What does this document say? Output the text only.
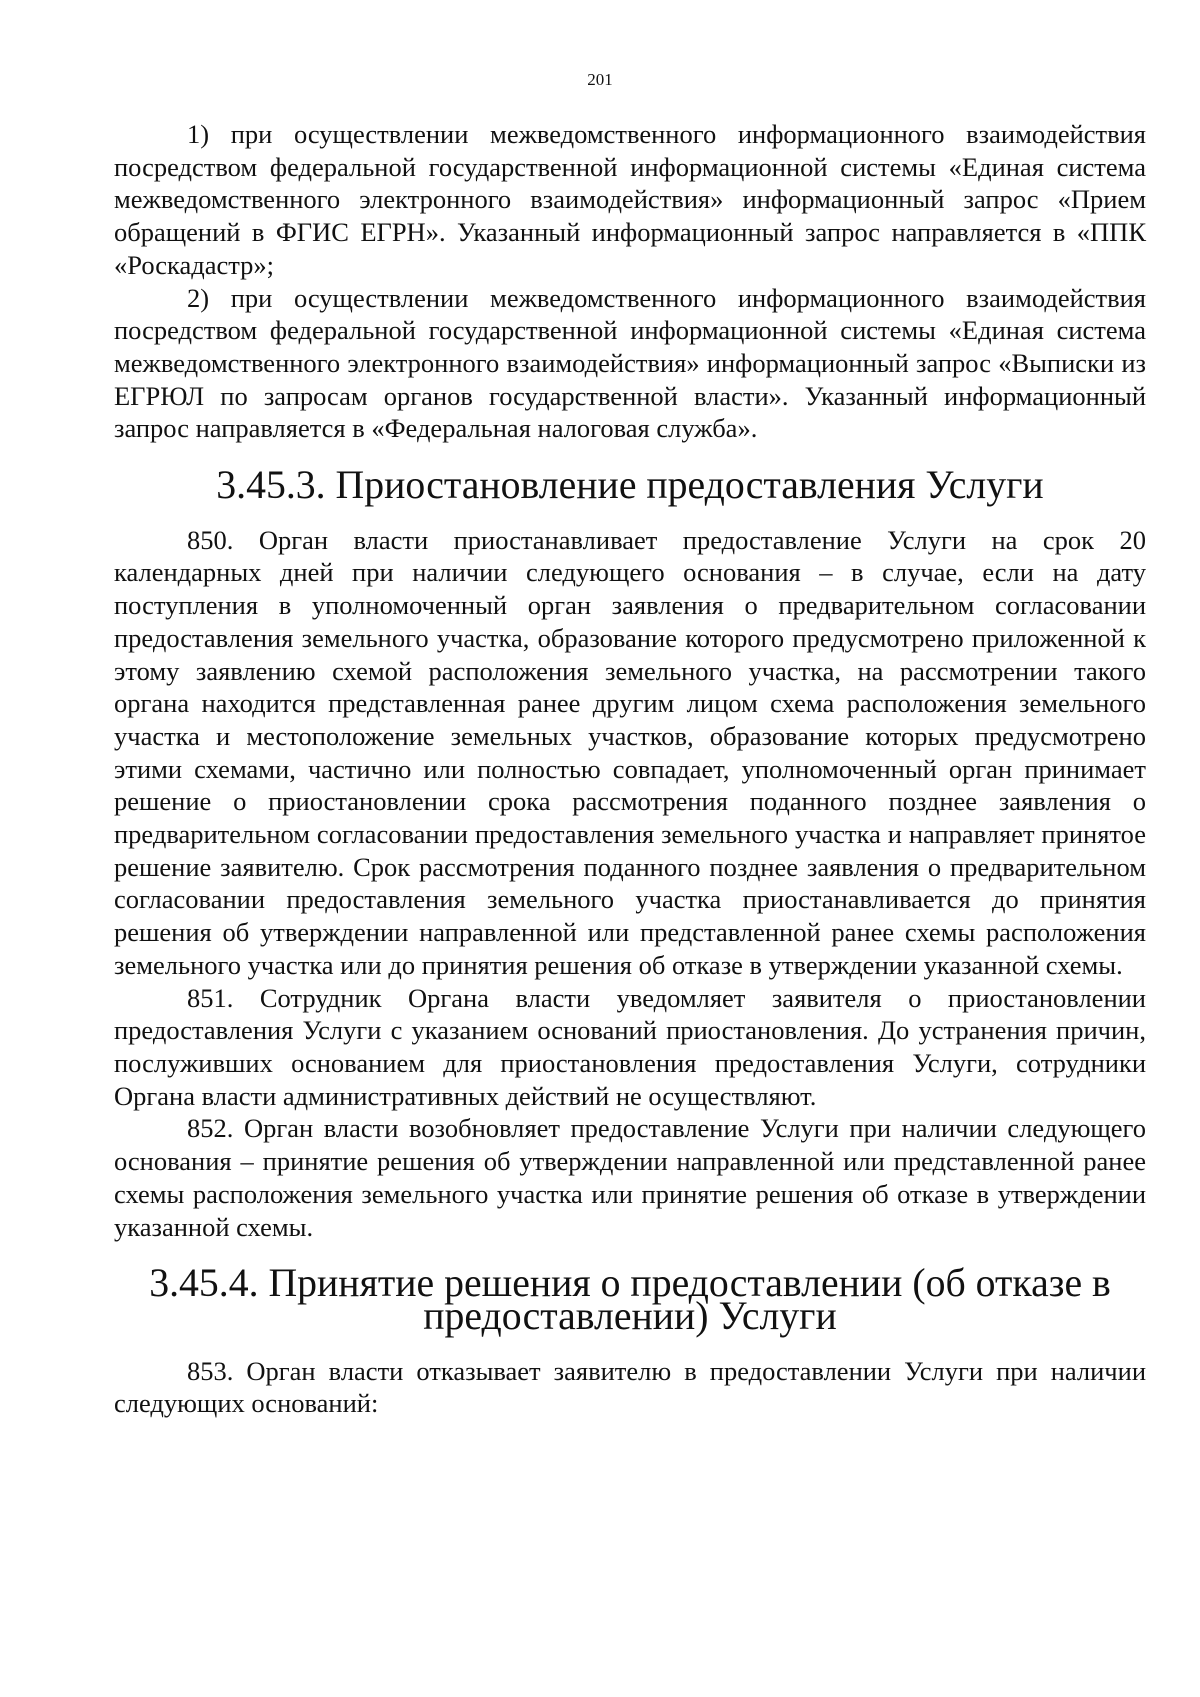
201

1) при осуществлении межведомственного информационного взаимодействия посредством федеральной государственной информационной системы «Единая система межведомственного электронного взаимодействия» информационный запрос «Прием обращений в ФГИС ЕГРН». Указанный информационный запрос направляется в «ППК «Роскадастр»;

2) при осуществлении межведомственного информационного взаимодействия посредством федеральной государственной информационной системы «Единая система межведомственного электронного взаимодействия» информационный запрос «Выписки из ЕГРЮЛ по запросам органов государственной власти». Указанный информационный запрос направляется в «Федеральная налоговая служба».

3.45.3. Приостановление предоставления Услуги

850. Орган власти приостанавливает предоставление Услуги на срок 20 календарных дней при наличии следующего основания – в случае, если на дату поступления в уполномоченный орган заявления о предварительном согласовании предоставления земельного участка, образование которого предусмотрено приложенной к этому заявлению схемой расположения земельного участка, на рассмотрении такого органа находится представленная ранее другим лицом схема расположения земельного участка и местоположение земельных участков, образование которых предусмотрено этими схемами, частично или полностью совпадает, уполномоченный орган принимает решение о приостановлении срока рассмотрения поданного позднее заявления о предварительном согласовании предоставления земельного участка и направляет принятое решение заявителю. Срок рассмотрения поданного позднее заявления о предварительном согласовании предоставления земельного участка приостанавливается до принятия решения об утверждении направленной или представленной ранее схемы расположения земельного участка или до принятия решения об отказе в утверждении указанной схемы.

851. Сотрудник Органа власти уведомляет заявителя о приостановлении предоставления Услуги с указанием оснований приостановления. До устранения причин, послуживших основанием для приостановления предоставления Услуги, сотрудники Органа власти административных действий не осуществляют.

852. Орган власти возобновляет предоставление Услуги при наличии следующего основания – принятие решения об утверждении направленной или представленной ранее схемы расположения земельного участка или принятие решения об отказе в утверждении указанной схемы.

3.45.4. Принятие решения о предоставлении (об отказе в предоставлении) Услуги

853. Орган власти отказывает заявителю в предоставлении Услуги при наличии следующих оснований:
